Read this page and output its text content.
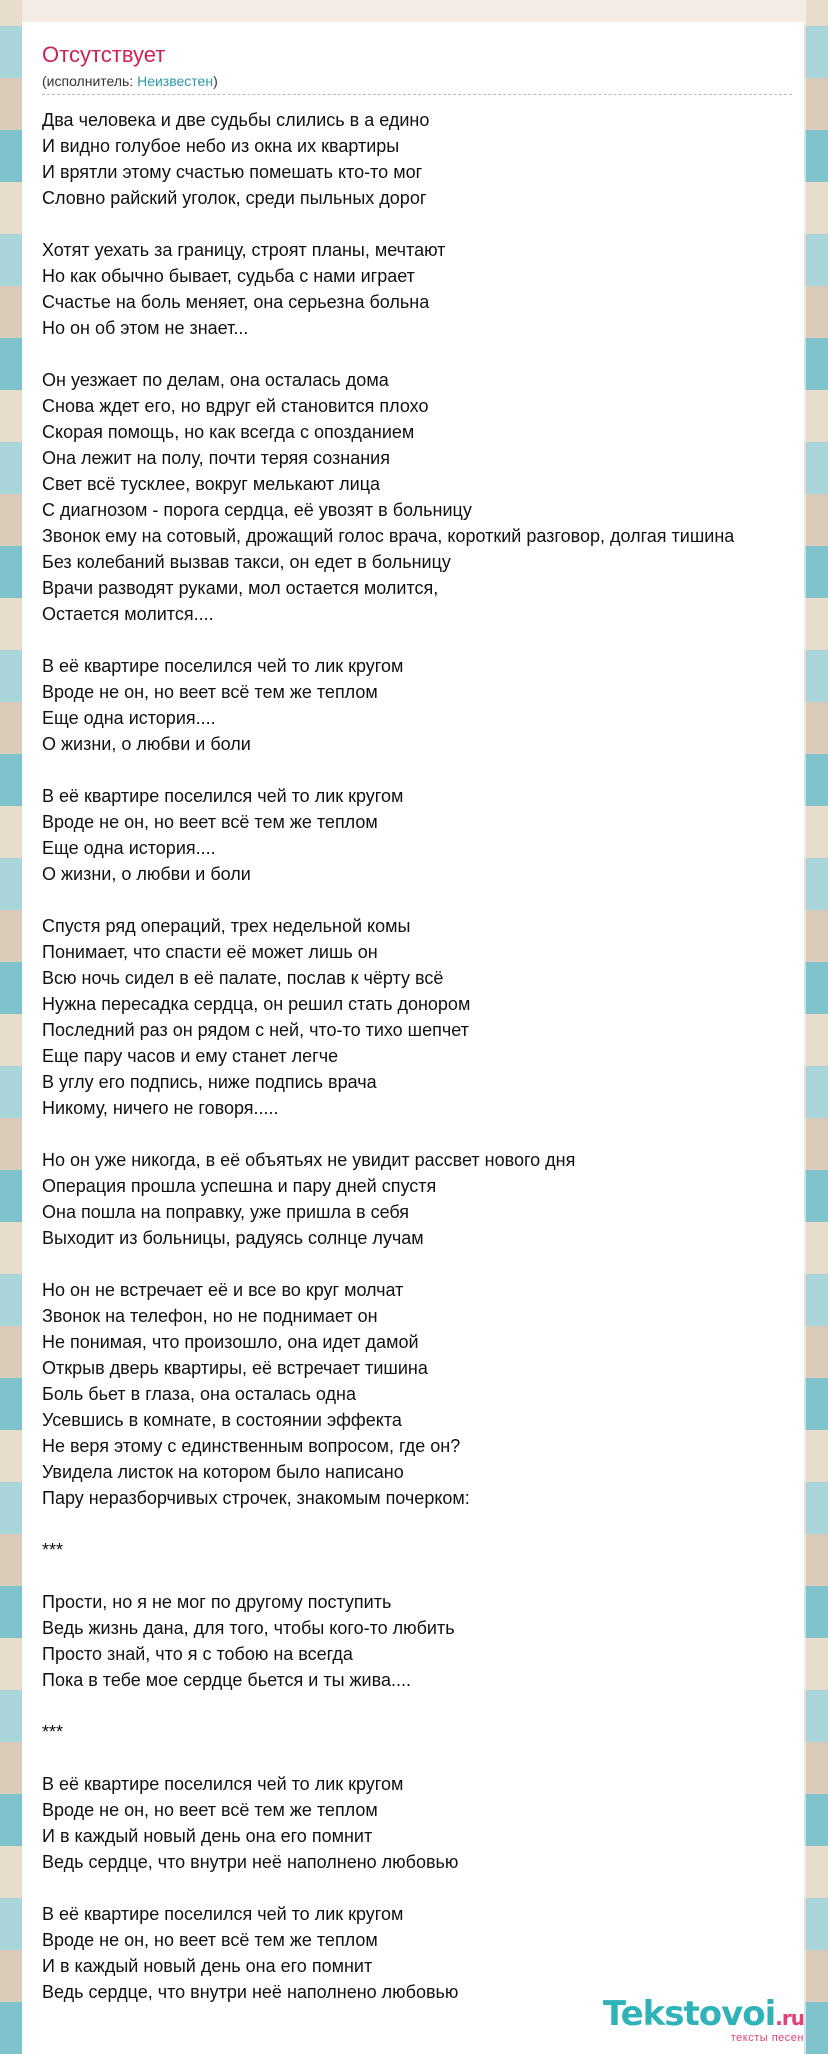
Отсутствует
(исполнитель: Неизвестен)
Два человека и две судьбы слились в а едино
И видно голубое небо из окна их квартиры
И врятли этому счастью помешать кто-то мог
Словно райский уголок, среди пыльных дорог
Хотят уехать за границу, строят планы, мечтают
Но как обычно бывает, судьба с нами играет
Счастье на боль меняет, она серьезна больна
Но он об этом не знает...
Он уезжает по делам, она осталась дома
Снова ждет его, но вдруг ей становится плохо
Скорая помощь, но как всегда с опозданием
Она лежит на полу, почти теряя сознания
Свет всё тусклее, вокруг мелькают лица
С диагнозом - порога сердца, её увозят в больницу
Звонок ему на сотовый, дрожащий голос врача, короткий разговор, долгая тишина
Без колебаний вызвав такси, он едет в больницу
Врачи разводят руками, мол остается молится,
Остается молится....
В её квартире поселился чей то лик кругом
Вроде не он, но веет всё тем же теплом
Еще одна история....
О жизни, о любви и боли
В её квартире поселился чей то лик кругом
Вроде не он, но веет всё тем же теплом
Еще одна история....
О жизни, о любви и боли
Спустя ряд операций, трех недельной комы
Понимает, что спасти её может лишь он
Всю ночь сидел в её палате, послав к чёрту всё
Нужна пересадка сердца, он решил стать донором
Последний раз он рядом с ней, что-то тихо шепчет
Еще пару часов и ему станет легче
В углу его подпись, ниже подпись врача
Никому, ничего не говоря.....
Но он уже никогда, в её объятьях не увидит рассвет нового дня
Операция прошла успешна и пару дней спустя
Она пошла на поправку, уже пришла в себя
Выходит из больницы, радуясь солнце лучам
Но он не встречает её и все во круг молчат
Звонок на телефон, но не поднимает он
Не понимая, что произошло, она идет дамой
Открыв дверь квартиры, её встречает тишина
Боль бьет в глаза, она осталась одна
Усевшись в комнате, в состоянии эффекта
Не веря этому с единственным вопросом, где он?
Увидела листок на котором было написано
Пару неразборчивых строчек, знакомым почерком:
***
Прости, но я не мог по другому поступить
Ведь жизнь дана, для того, чтобы кого-то любить
Просто знай, что я с тобою на всегда
Пока в тебе мое сердце бьется и ты жива....
***
В её квартире поселился чей то лик кругом
Вроде не он, но веет всё тем же теплом
И в каждый новый день она его помнит
Ведь сердце, что внутри неё наполнено любовью
В её квартире поселился чей то лик кругом
Вроде не он, но веет всё тем же теплом
И в каждый новый день она его помнит
Ведь сердце, что внутри неё наполнено любовью
Tekstovoi.ru
тексты песен
